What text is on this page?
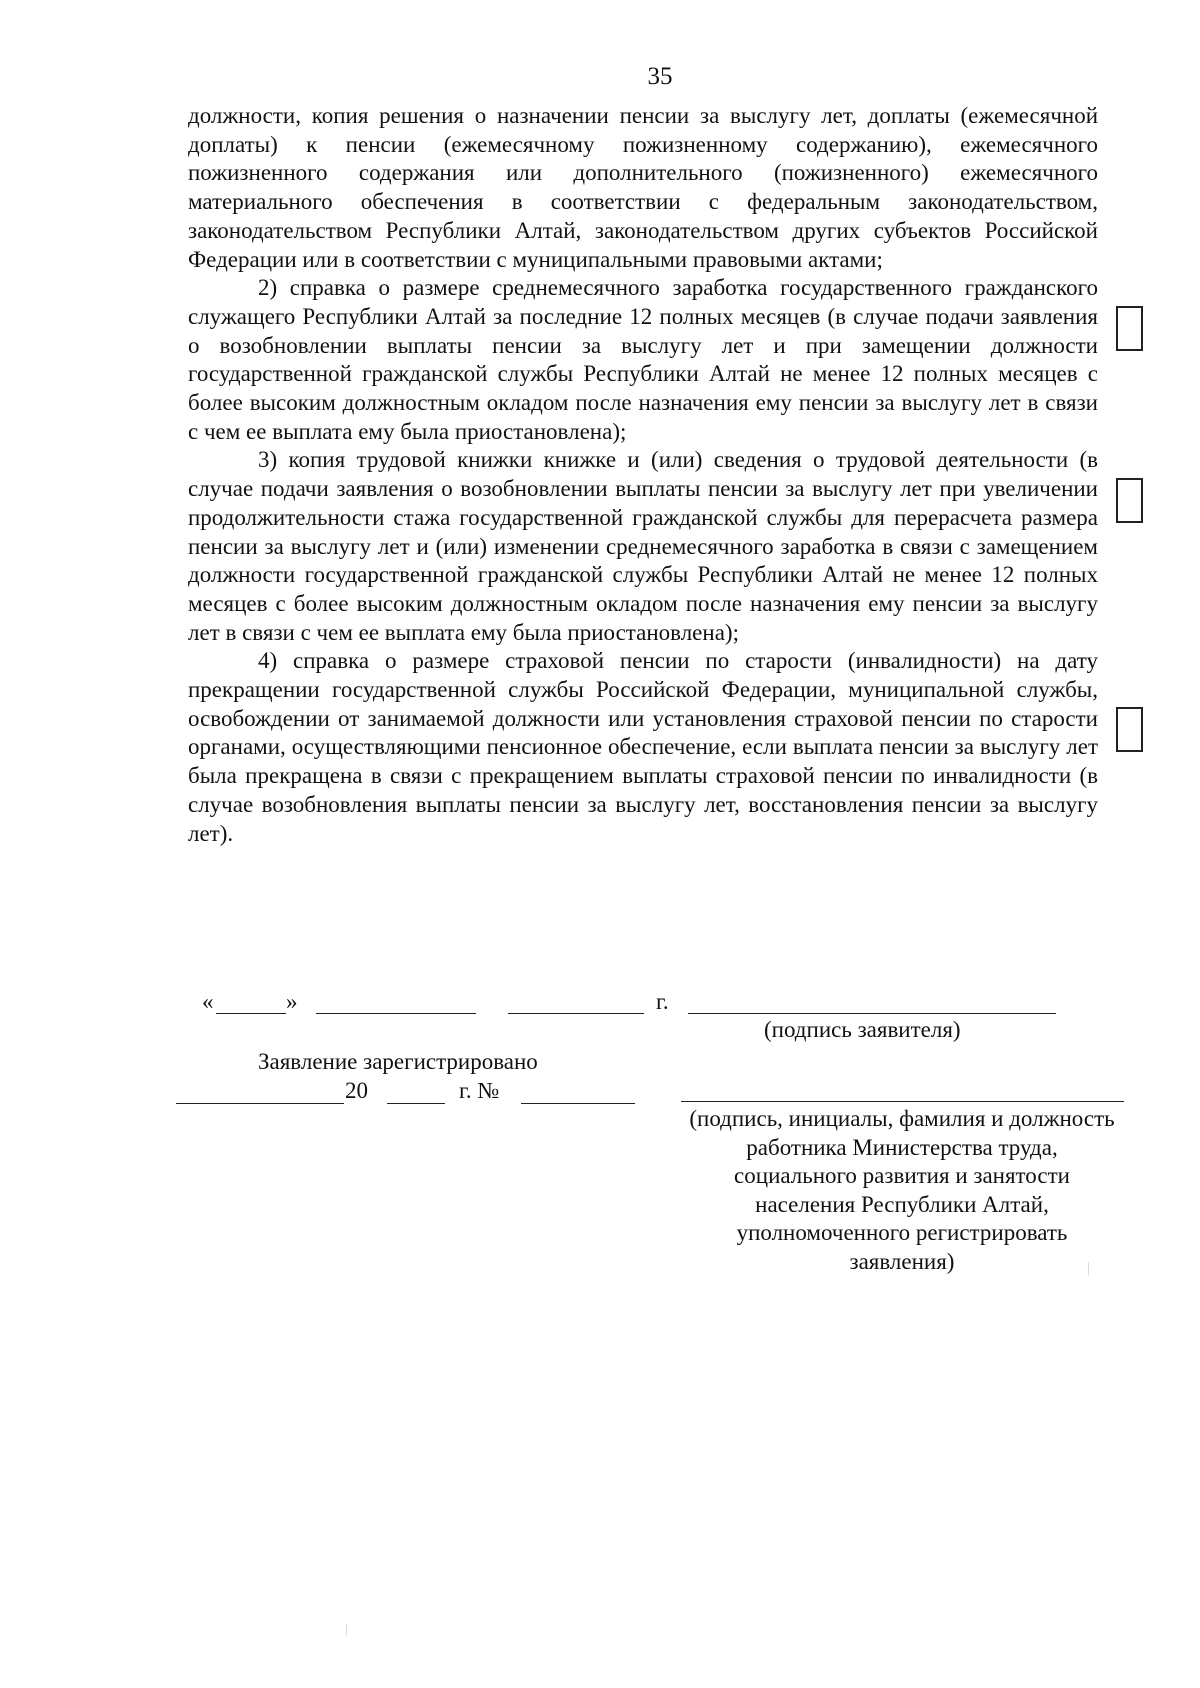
35

должности, копия решения о назначении пенсии за выслугу лет, доплаты (ежемесячной доплаты) к пенсии (ежемесячному пожизненному содержанию), ежемесячного пожизненного содержания или дополнительного (пожизненного) ежемесячного материального обеспечения в соответствии с федеральным законодательством, законодательством Республики Алтай, законодательством других субъектов Российской Федерации или в соответствии с муниципальными правовыми актами;

2) справка о размере среднемесячного заработка государственного гражданского служащего Республики Алтай за последние 12 полных месяцев (в случае подачи заявления о возобновлении выплаты пенсии за выслугу лет и при замещении должности государственной гражданской службы Республики Алтай не менее 12 полных месяцев с более высоким должностным окладом после назначения ему пенсии за выслугу лет в связи с чем ее выплата ему была приостановлена);

3) копия трудовой книжки книжке и (или) сведения о трудовой деятельности (в случае подачи заявления о возобновлении выплаты пенсии за выслугу лет при увеличении продолжительности стажа государственной гражданской службы для перерасчета размера пенсии за выслугу лет и (или) изменении среднемесячного заработка в связи с замещением должности государственной гражданской службы Республики Алтай не менее 12 полных месяцев с более высоким должностным окладом после назначения ему пенсии за выслугу лет в связи с чем ее выплата ему была приостановлена);

4) справка о размере страховой пенсии по старости (инвалидности) на дату прекращении государственной службы Российской Федерации, муниципальной службы, освобождении от занимаемой должности или установления страховой пенсии по старости органами, осуществляющими пенсионное обеспечение, если выплата пенсии за выслугу лет была прекращена в связи с прекращением выплаты страховой пенсии по инвалидности (в случае возобновления выплаты пенсии за выслугу лет, восстановления пенсии за выслугу лет).

«	»	г.
(подпись заявителя)
Заявление зарегистрировано
20	г. №
(подпись, инициалы, фамилия и должность
работника Министерства труда,
социального развития и занятости
населения Республики Алтай,
уполномоченного регистрировать
заявления)
